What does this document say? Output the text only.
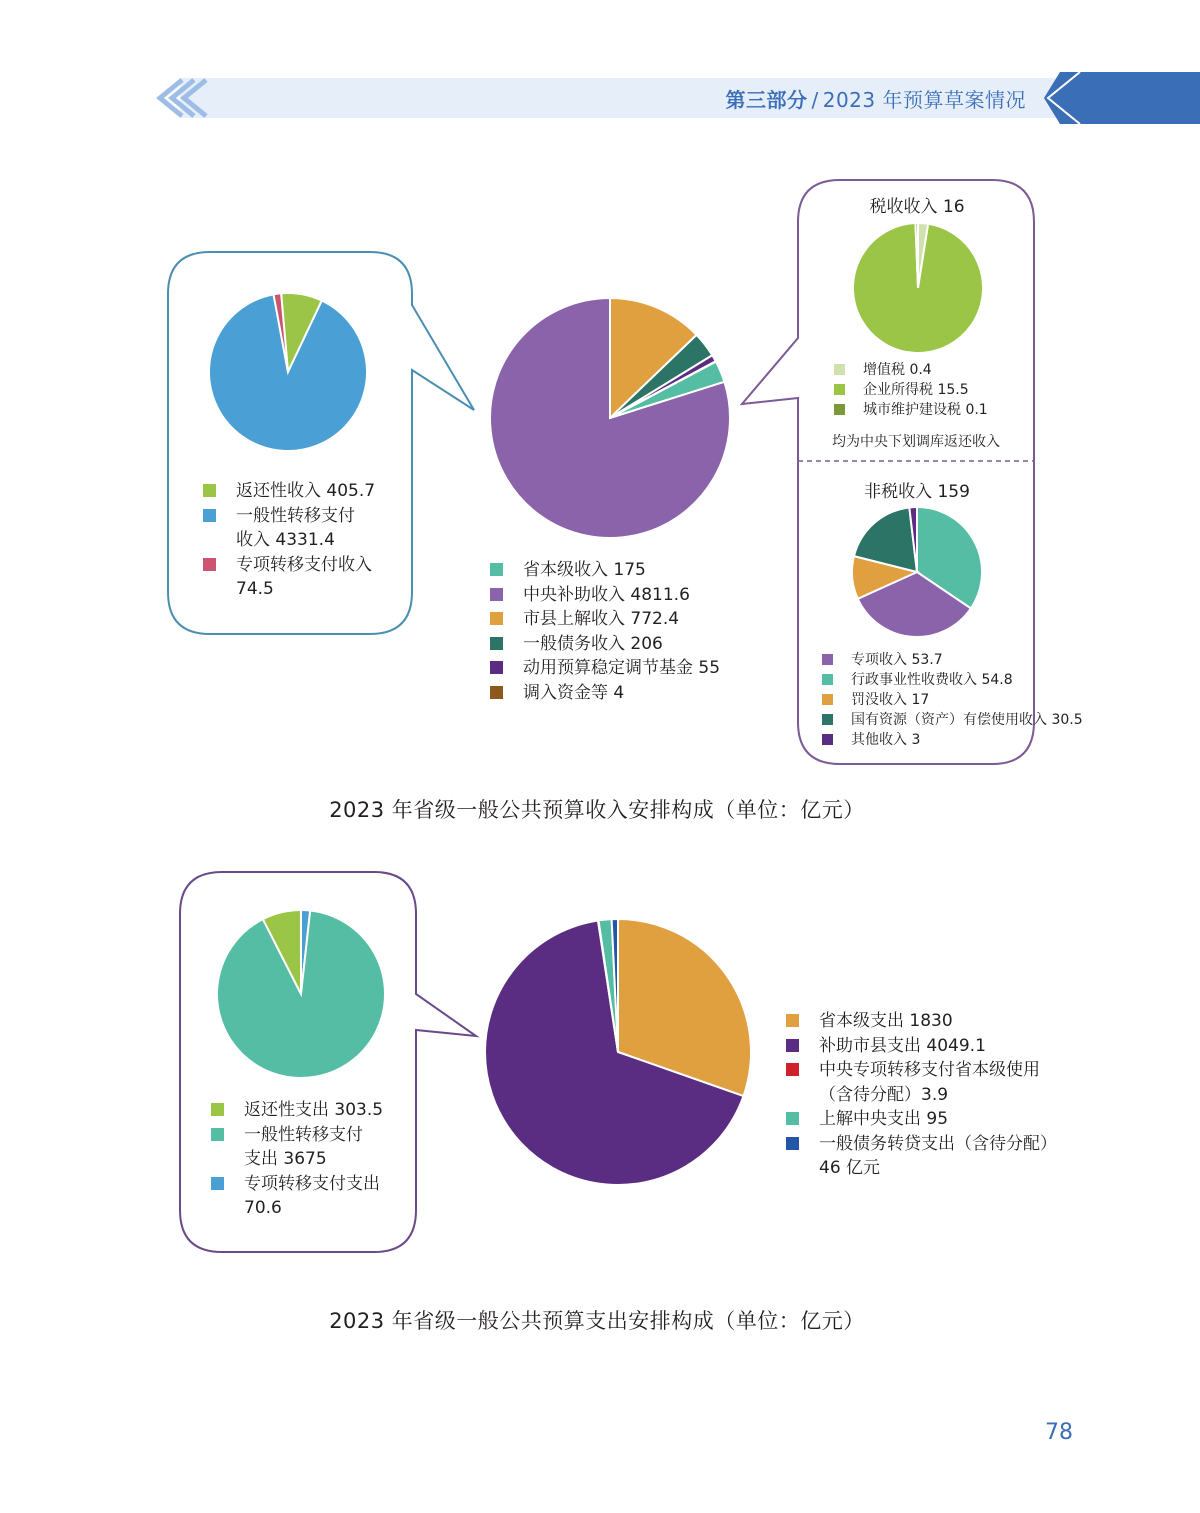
第三部分 / 2023 年预算草案情况
税收收入 16
均为中央下划调库返还收入
非税收入 159
返还性收入 405.7
一般性转移支付
收入 4331.4
专项转移支付收入
74.5
省本级收入 175
中央补助收入 4811.6
市县上解收入 772.4
一般债务收入 206
动用预算稳定调节基金 55
调入资金等 4
增值税 0.4
企业所得税 15.5
城市维护建设税 0.1
专项收入 53.7
行政事业性收费收入 54.8
罚没收入 17
国有资源（资产）有偿使用收入 30.5
其他收入 3
返还性支出 303.5
一般性转移支付
支出 3675
专项转移支付支出
70.6
省本级支出 1830
补助市县支出 4049.1
中央专项转移支付省本级使用
（含待分配）3.9
上解中央支出 95
一般债务转贷支出（含待分配）
46 亿元
2023 年省级一般公共预算收入安排构成（单位：亿元）
2023 年省级一般公共预算支出安排构成（单位：亿元）
78
